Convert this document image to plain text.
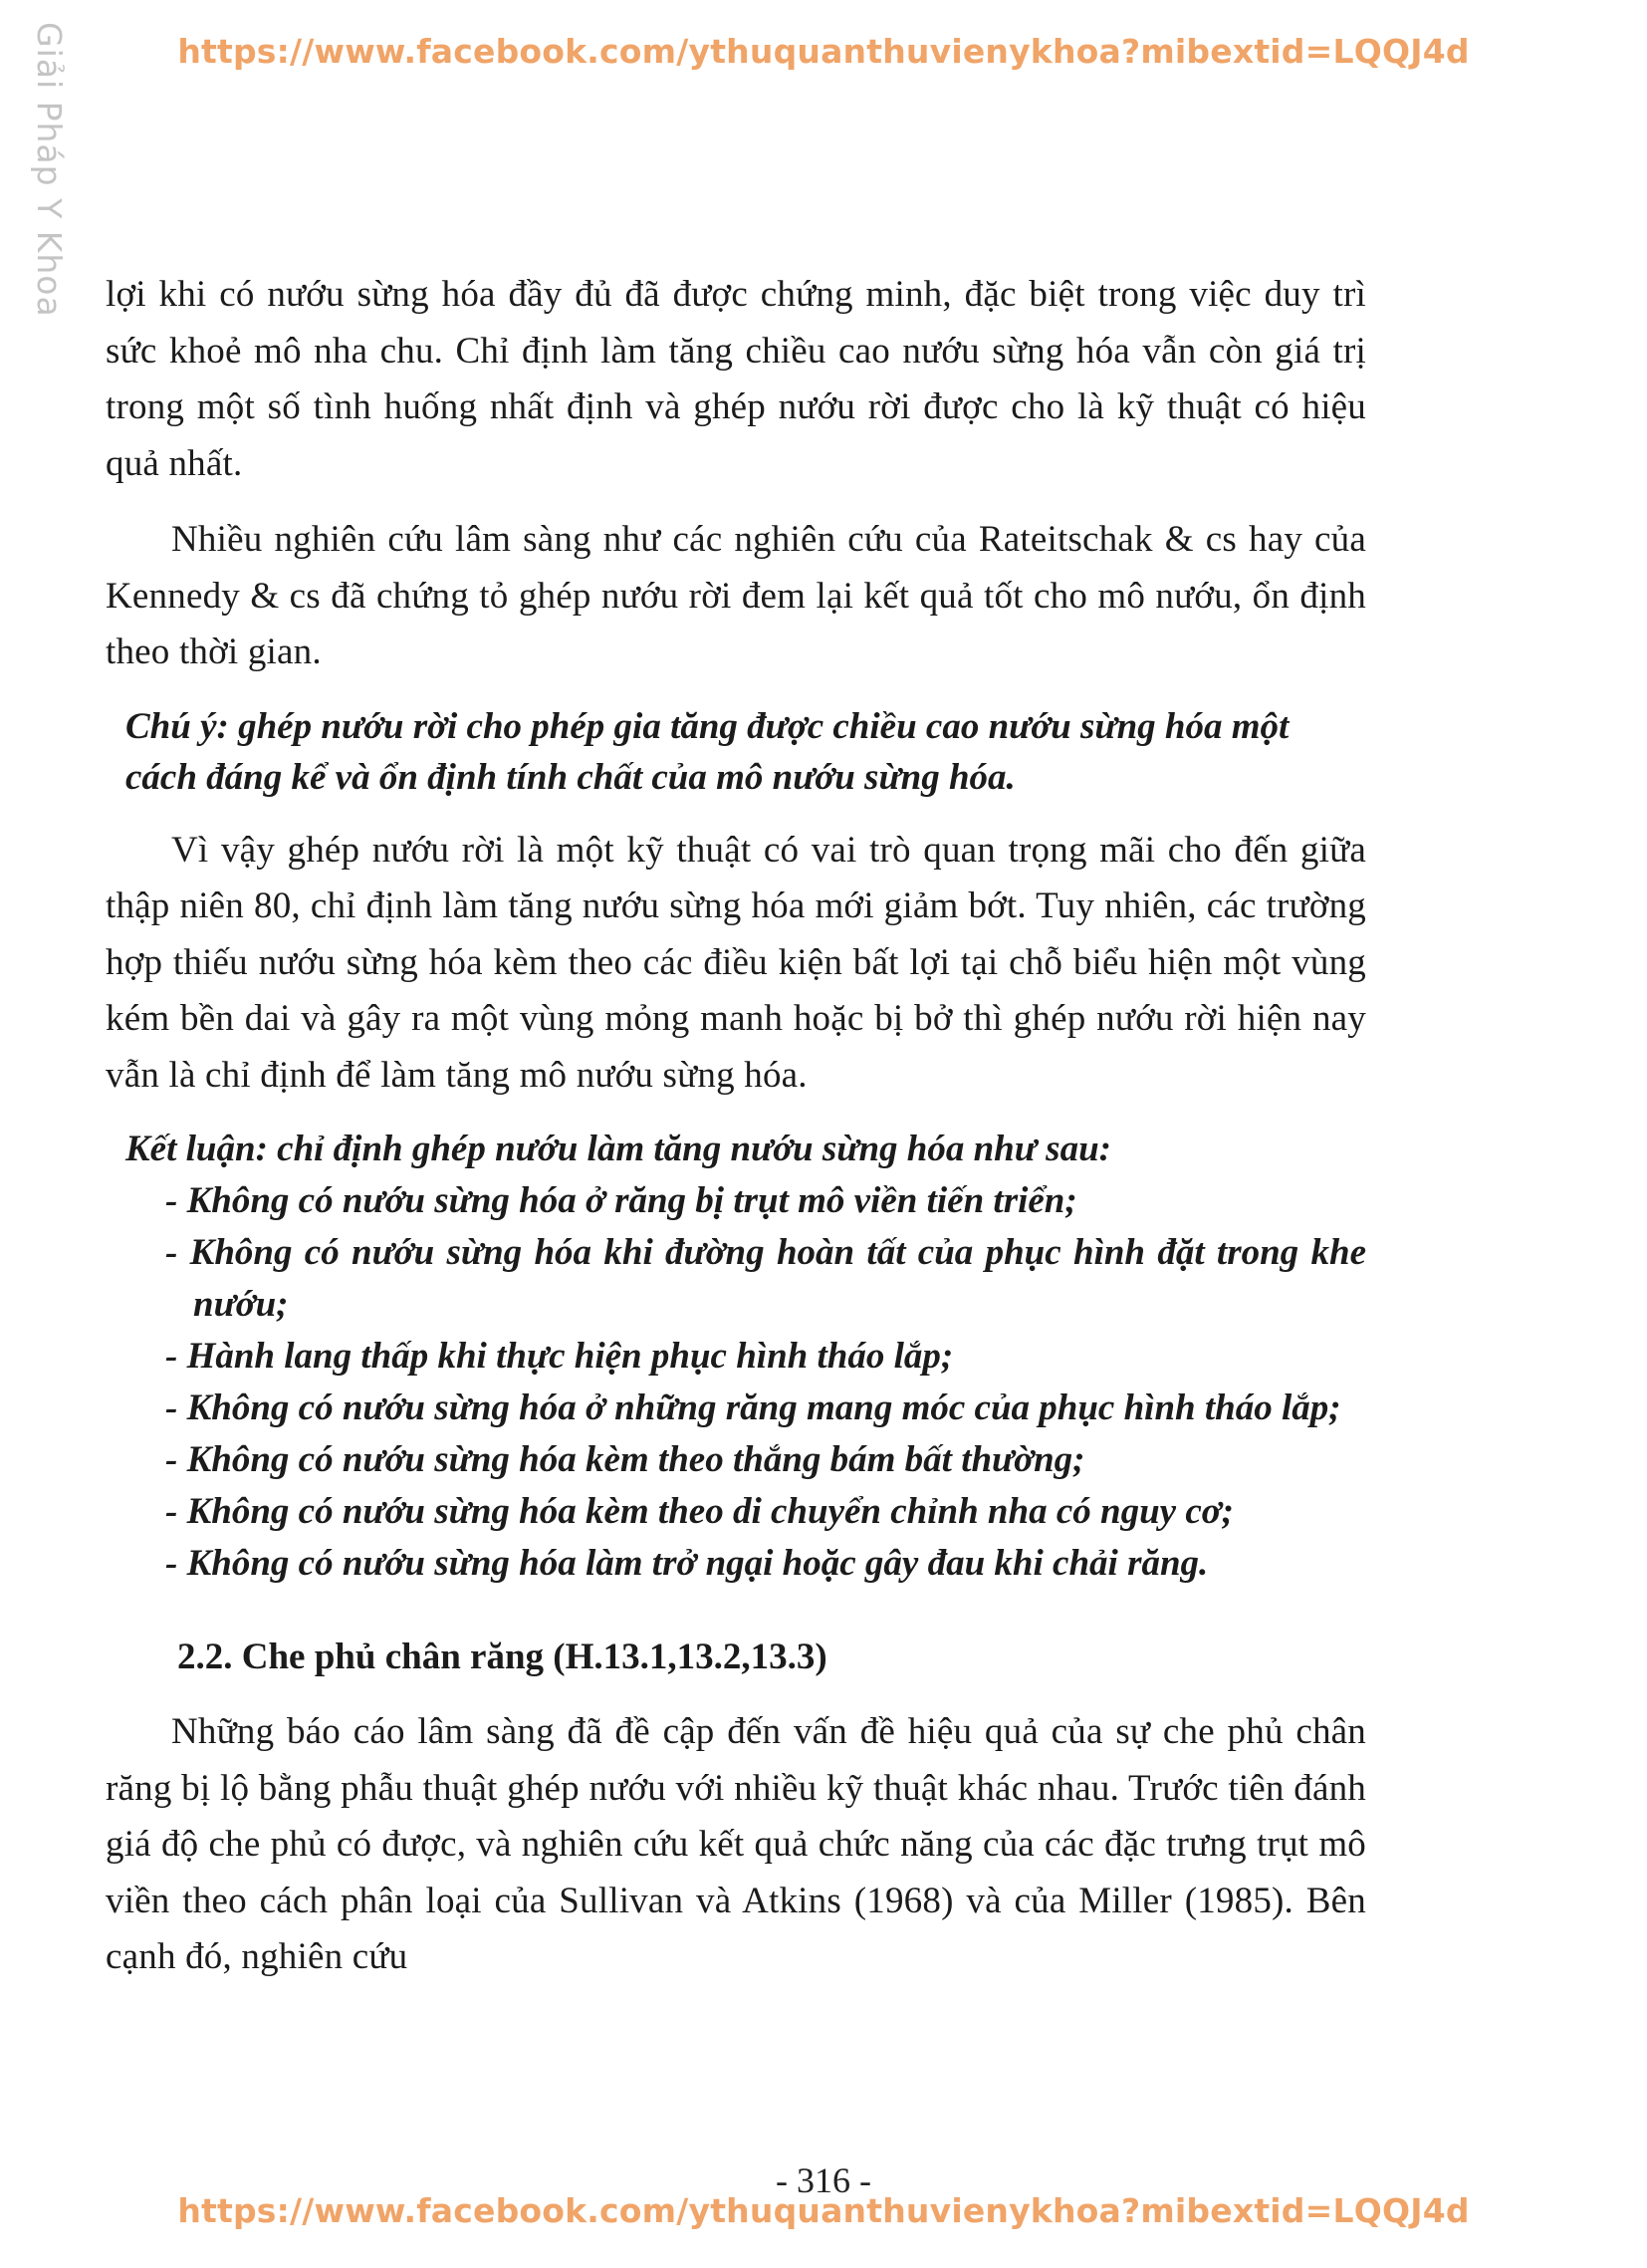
https://www.facebook.com/ythuquanthuvienykhoa?mibextid=LQQJ4d
Giải Pháp Y Khoa lợi khi có nướu sừng hóa đầy đủ đã được chứng minh, đặc biệt trong việc duy trì sức khoẻ mô nha chu. Chỉ định làm tăng chiều cao nướu sừng hóa vẫn còn giá trị trong một số tình huống nhất định và ghép nướu rời được cho là kỹ thuật có hiệu quả nhất.

Nhiều nghiên cứu lâm sàng như các nghiên cứu của Rateitschak & cs hay của Kennedy & cs đã chứng tỏ ghép nướu rời đem lại kết quả tốt cho mô nướu, ổn định theo thời gian.

Chú ý: ghép nướu rời cho phép gia tăng được chiều cao nướu sừng hóa một cách đáng kể và ổn định tính chất của mô nướu sừng hóa.

Vì vậy ghép nướu rời là một kỹ thuật có vai trò quan trọng mãi cho đến giữa thập niên 80, chỉ định làm tăng nướu sừng hóa mới giảm bớt. Tuy nhiên, các trường hợp thiếu nướu sừng hóa kèm theo các điều kiện bất lợi tại chỗ biểu hiện một vùng kém bền dai và gây ra một vùng mỏng manh hoặc bị bở thì ghép nướu rời hiện nay vẫn là chỉ định để làm tăng mô nướu sừng hóa.

Kết luận: chỉ định ghép nướu làm tăng nướu sừng hóa như sau:
- Không có nướu sừng hóa ở răng bị trụt mô viền tiến triển;
- Không có nướu sừng hóa khi đường hoàn tất của phục hình đặt trong khe nướu;
- Hành lang thấp khi thực hiện phục hình tháo lắp;
- Không có nướu sừng hóa ở những răng mang móc của phục hình tháo lắp;
- Không có nướu sừng hóa kèm theo thắng bám bất thường;
- Không có nướu sừng hóa kèm theo di chuyển chỉnh nha có nguy cơ;
- Không có nướu sừng hóa làm trở ngại hoặc gây đau khi chải răng.
2.2. Che phủ chân răng (H.13.1,13.2,13.3)

Những báo cáo lâm sàng đã đề cập đến vấn đề hiệu quả của sự che phủ chân răng bị lộ bằng phẫu thuật ghép nướu với nhiều kỹ thuật khác nhau. Trước tiên đánh giá độ che phủ có được, và nghiên cứu kết quả chức năng của các đặc trưng trụt mô viền theo cách phân loại của Sullivan và Atkins (1968) và của Miller (1985). Bên cạnh đó, nghiên cứu

- 316 -
https://www.facebook.com/ythuquanthuvienykhoa?mibextid=LQQJ4d
